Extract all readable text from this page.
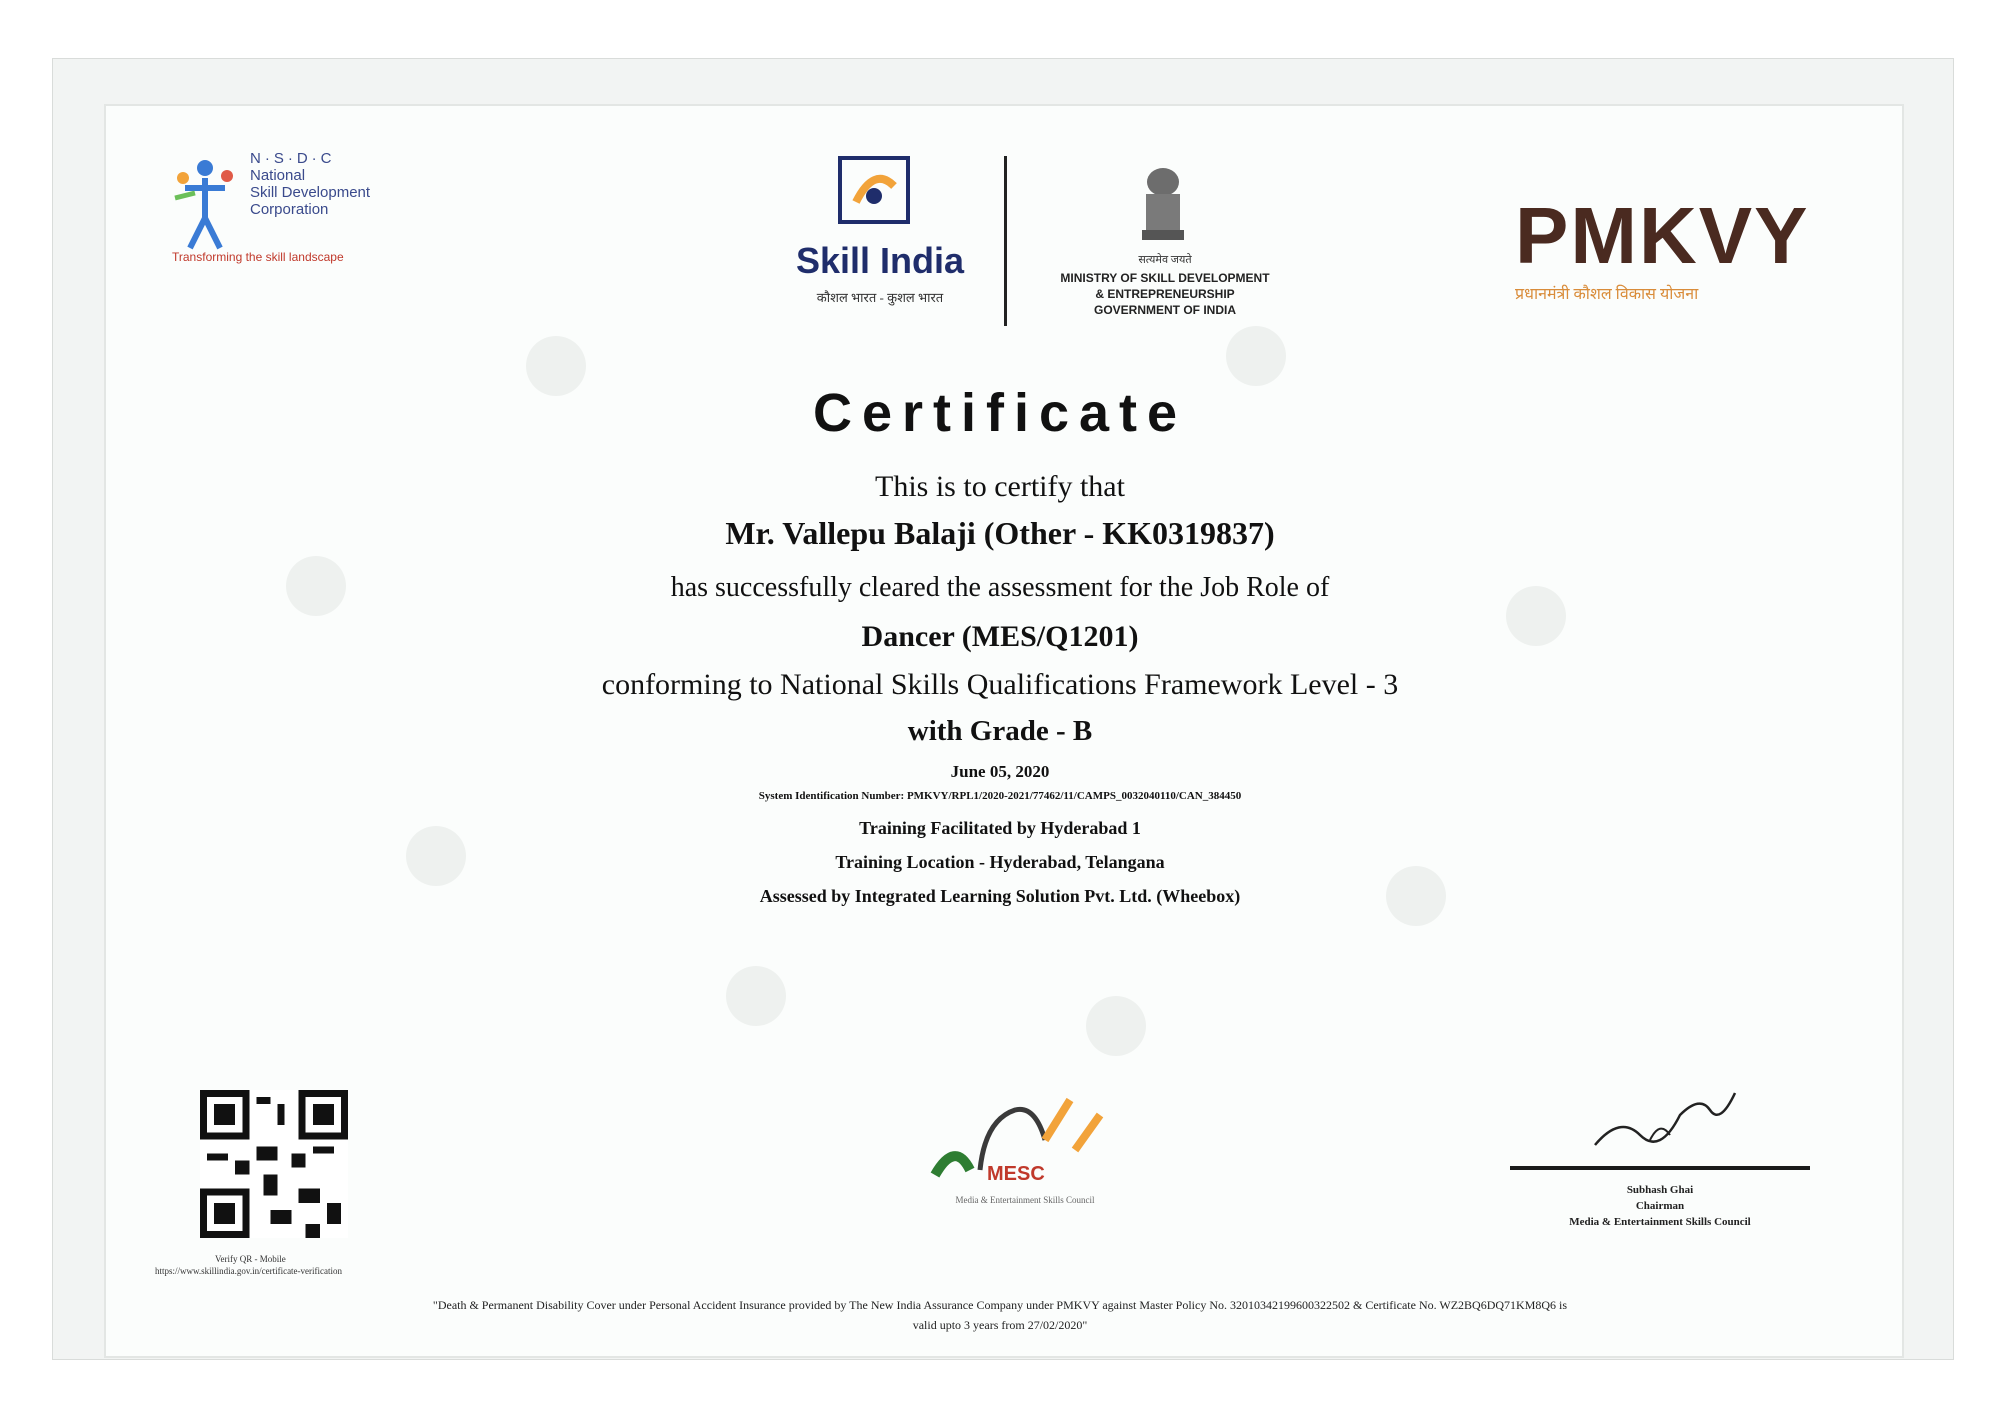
N·S·D·C
National
Skill Development
Corporation
Transforming the skill landscape	Skill India
कौशल भारत - कुशल भारत
सत्यमेव जयते
MINISTRY OF SKILL DEVELOPMENT
& ENTREPRENEURSHIP
GOVERNMENT OF INDIA
PMKVY
प्रधानमंत्री कौशल विकास योजना
Certificate
This is to certify that
Mr. Vallepu Balaji (Other - KK0319837)
has successfully cleared the assessment for the Job Role of
Dancer (MES/Q1201)
conforming to National Skills Qualifications Framework Level - 3
with Grade - B
June 05, 2020
System Identification Number: PMKVY/RPL1/2020-2021/77462/11/CAMPS_0032040110/CAN_384450
Training Facilitated by Hyderabad 1
Training Location - Hyderabad, Telangana
Assessed by Integrated Learning Solution Pvt. Ltd. (Wheebox)
Verify QR - Mobile
https://www.skillindia.gov.in/certificate-verification
MESC
Media & Entertainment Skills Council
Subhash Ghai
Chairman
Media & Entertainment Skills Council
"Death & Permanent Disability Cover under Personal Accident Insurance provided by The New India Assurance Company under PMKVY against Master Policy No. 32010342199600322502 & Certificate No. WZ2BQ6DQ71KM8Q6 is
valid upto 3 years from 27/02/2020"
